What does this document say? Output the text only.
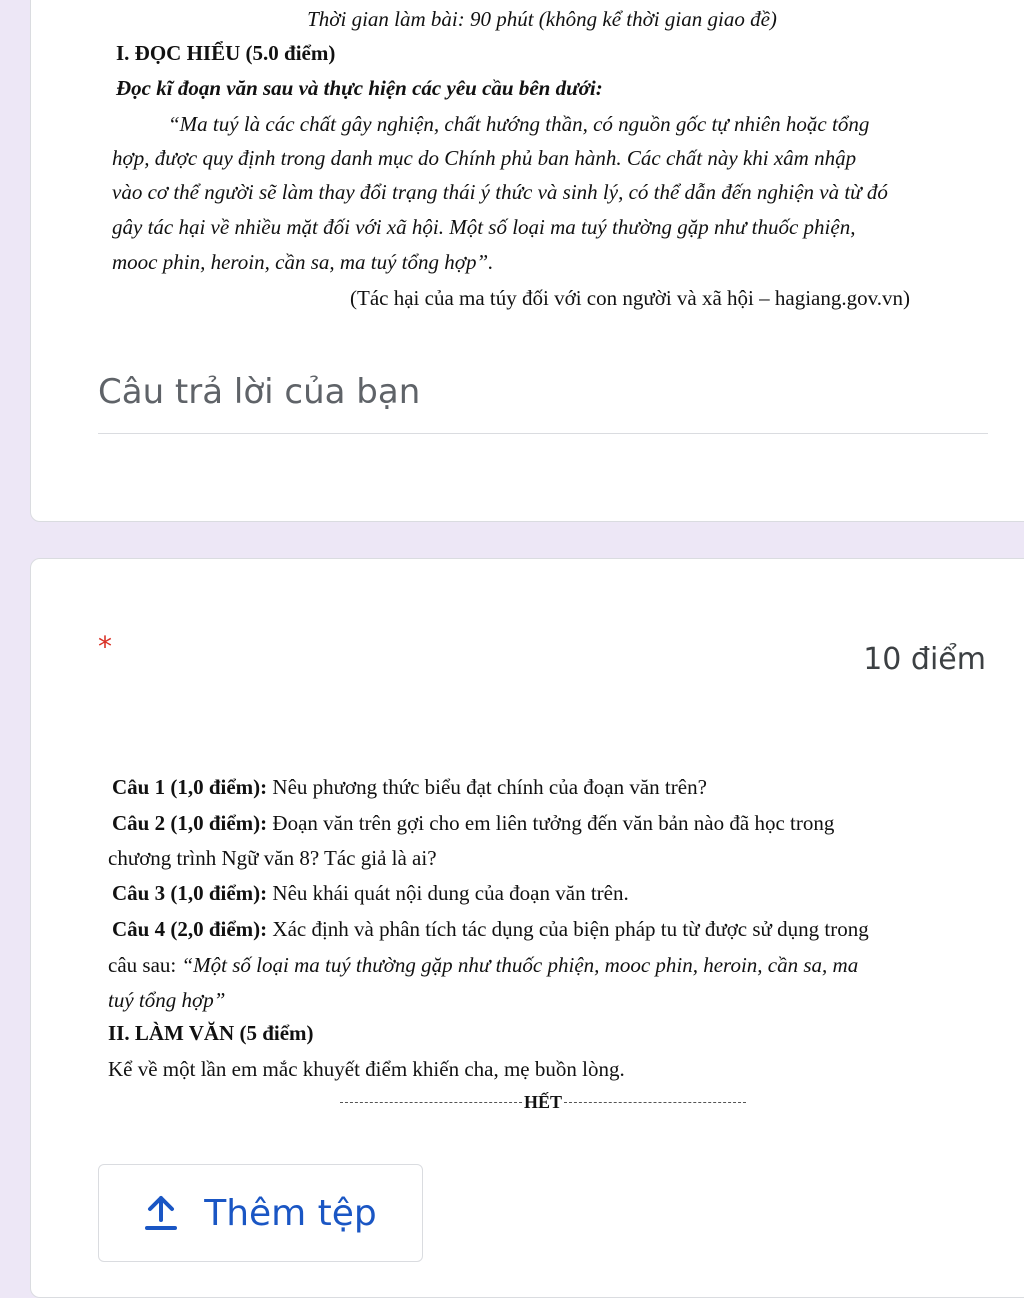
Thời gian làm bài: 90 phút (không kể thời gian giao đề)
I. ĐỌC HIỂU (5.0 điểm)
Đọc kĩ đoạn văn sau và thực hiện các yêu cầu bên dưới:
“Ma tuý là các chất gây nghiện, chất hướng thần, có nguồn gốc tự nhiên hoặc tổng
hợp, được quy định trong danh mục do Chính phủ ban hành. Các chất này khi xâm nhập
vào cơ thể người sẽ làm thay đổi trạng thái ý thức và sinh lý, có thể dẫn đến nghiện và từ đó
gây tác hại về nhiều mặt đối với xã hội. Một số loại ma tuý thường gặp như thuốc phiện,
mooc phin, heroin, cần sa, ma tuý tổng hợp”.
(Tác hại của ma túy đối với con người và xã hội – hagiang.gov.vn)
Câu trả lời của bạn
*	10 điểm
Câu 1 (1,0 điểm): Nêu phương thức biểu đạt chính của đoạn văn trên?
Câu 2 (1,0 điểm): Đoạn văn trên gợi cho em liên tưởng đến văn bản nào đã học trong
chương trình Ngữ văn 8? Tác giả là ai?
Câu 3 (1,0 điểm): Nêu khái quát nội dung của đoạn văn trên.
Câu 4 (2,0 điểm): Xác định và phân tích tác dụng của biện pháp tu từ được sử dụng trong
câu sau: “Một số loại ma tuý thường gặp như thuốc phiện, mooc phin, heroin, cần sa, ma
tuý tổng hợp”
II. LÀM VĂN (5 điểm)
Kể về một lần em mắc khuyết điểm khiến cha, mẹ buồn lòng.
HẾT
Thêm tệp
